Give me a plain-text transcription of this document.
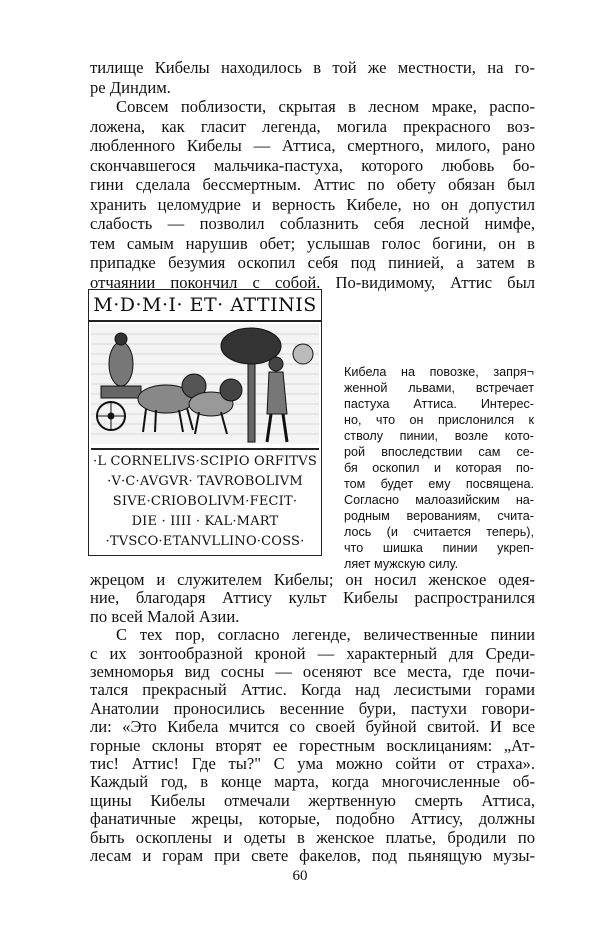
тилище Кибелы находилось в той же местности, на го-
ре Диндим.
Совсем поблизости, скрытая в лесном мраке, распо-
ложена, как гласит легенда, могила прекрасного воз-
любленного Кибелы — Аттиса, смертного, милого, рано
скончавшегося мальчика-пастуха, которого любовь бо-
гини сделала бессмертным. Аттис по обету обязан был
хранить целомудрие и верность Кибеле, но он допустил
слабость — позволил соблазнить себя лесной нимфе,
тем самым нарушив обет; услышав голос богини, он в
M·D·M·I· ET· ATTINIS
·L CORNELIVS·SCIPIO ORFITVS
·V·C·AVGVR· TAVROBOLIVM
SIVE·CRIOBOLIVM·FECIT·
DIE · IIII · KAL·MART
·TVSCO·ETANVLLINO·COSS·
Кибела на повозке, запря¬
женной львами, встречает
пастуха Аттиса. Интерес-
но, что он прислонился к
стволу пинии, возле кото-
рой впоследствии сам се-
бя оскопил и которая по-
том будет ему посвящена.
Согласно малоазийским на-
родным верованиям, счита-
лось (и считается теперь),
что шишка пинии укреп-
ляет мужскую силу.
жрецом и служителем Кибелы; он носил женское одея-
ние, благодаря Аттису культ Кибелы распространился
по всей Малой Азии.
С тех пор, согласно легенде, величественные пинии
с их зонтообразной кроной — характерный для Среди-
земноморья вид сосны — осеняют все места, где почи-
тался прекрасный Аттис. Когда над лесистыми горами
Анатолии проносились весенние бури, пастухи говори-
ли: «Это Кибела мчится со своей буйной свитой. И все
горные склоны вторят ее горестным восклицаниям: „Ат-
тис! Аттис! Где ты?" С ума можно сойти от страха».
Каждый год, в конце марта, когда многочисленные об-
60
припадке безумия оскопил себя под пинией, а затем в
отчаянии покончил с собой. По-видимому, Аттис был
щины Кибелы отмечали жертвенную смерть Аттиса,
фанатичные жрецы, которые, подобно Аттису, должны
быть оскоплены и одеты в женское платье, бродили по
лесам и горам при свете факелов, под пьянящую музы-
